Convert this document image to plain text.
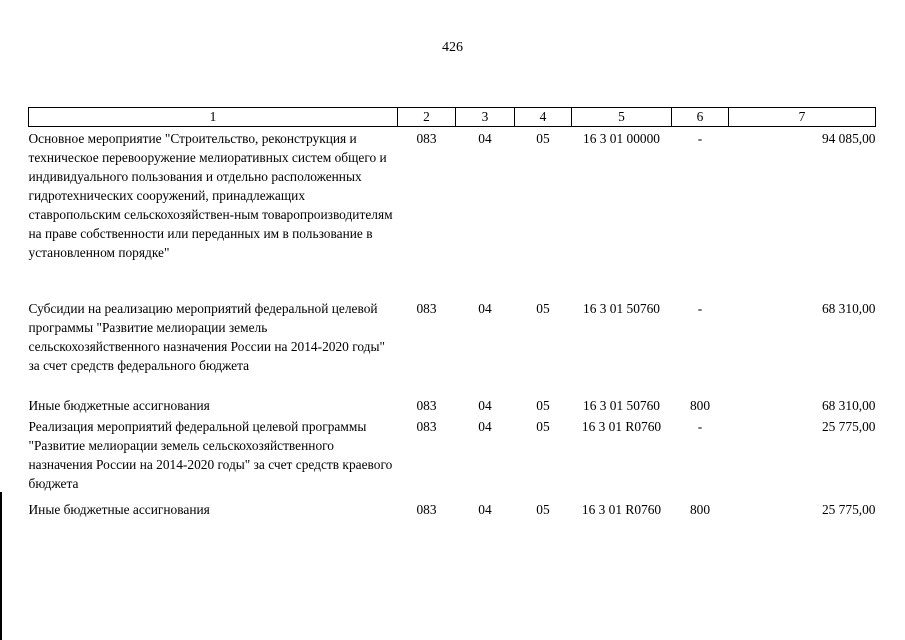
426
1	2	3	4	5	6	7
Основное мероприятие "Строительство, реконструкция и техническое перевооружение мелиоративных систем общего и индивидуального пользования и отдельно расположенных гидротехнических сооружений, принадлежащих ставропольским сельскохозяйствен-ным товаропроизводителям на праве собственности или переданных им в пользование в установленном порядке"	083	04	05	16 3 01 00000	-	94 085,00
Субсидии на реализацию мероприятий федеральной целевой программы "Развитие мелиорации земель сельскохозяйственного назначения России на 2014-2020 годы" за счет средств федерального бюджета	083	04	05	16 3 01 50760	-	68 310,00
Иные бюджетные ассигнования	083	04	05	16 3 01 50760	800	68 310,00
Реализация мероприятий федеральной целевой программы "Развитие мелиорации земель сельскохозяйственного назначения России на 2014-2020 годы" за счет средств краевого бюджета	083	04	05	16 3 01 R0760	-	25 775,00
Иные бюджетные ассигнования	083	04	05	16 3 01 R0760	800	25 775,00
